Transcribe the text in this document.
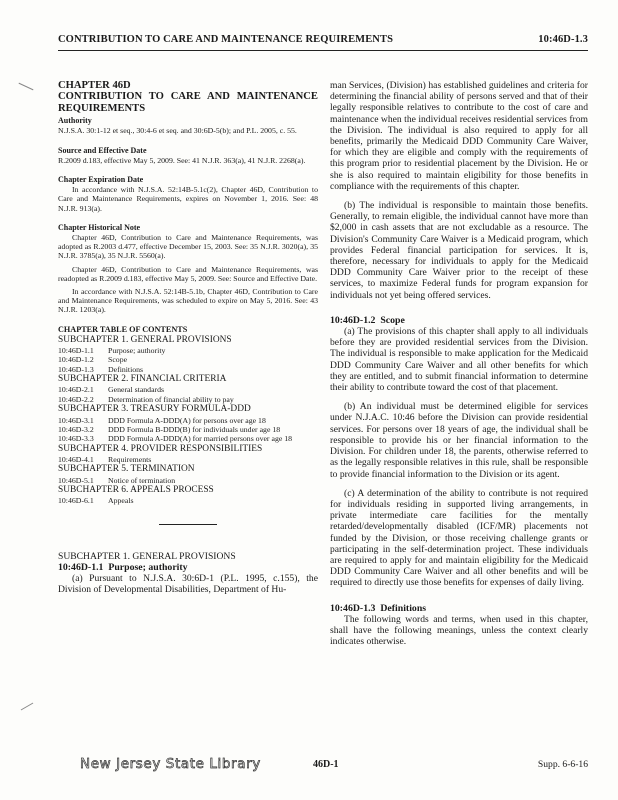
CONTRIBUTION TO CARE AND MAINTENANCE REQUIREMENTS	10:46D-1.3

CHAPTER 46D

CONTRIBUTION TO CARE AND MAINTENANCE REQUIREMENTS

Authority

N.J.S.A. 30:1-12 et seq., 30:4-6 et seq. and 30:6D-5(b); and P.L. 2005, c. 55.

Source and Effective Date

R.2009 d.183, effective May 5, 2009. See: 41 N.J.R. 363(a), 41 N.J.R. 2268(a).

Chapter Expiration Date

In accordance with N.J.S.A. 52:14B-5.1c(2), Chapter 46D, Contribution to Care and Maintenance Requirements, expires on November 1, 2016. See: 48 N.J.R. 913(a).

Chapter Historical Note

Chapter 46D, Contribution to Care and Maintenance Requirements, was adopted as R.2003 d.477, effective December 15, 2003. See: 35 N.J.R. 3020(a), 35 N.J.R. 3785(a), 35 N.J.R. 5560(a).

Chapter 46D, Contribution to Care and Maintenance Requirements, was readopted as R.2009 d.183, effective May 5, 2009. See: Source and Effective Date.

In accordance with N.J.S.A. 52:14B-5.1b, Chapter 46D, Contribution to Care and Maintenance Requirements, was scheduled to expire on May 5, 2016. See: 43 N.J.R. 1203(a).

CHAPTER TABLE OF CONTENTS

SUBCHAPTER 1. GENERAL PROVISIONS

10:46D-1.1	Purpose; authority
10:46D-1.2	Scope
10:46D-1.3	Definitions

SUBCHAPTER 2. FINANCIAL CRITERIA

10:46D-2.1	General standards
10:46D-2.2	Determination of financial ability to pay

SUBCHAPTER 3. TREASURY FORMULA-DDD

10:46D-3.1	DDD Formula A-DDD(A) for persons over age 18
10:46D-3.2	DDD Formula B-DDD(B) for individuals under age 18
10:46D-3.3	DDD Formula A-DDD(A) for married persons over age 18

SUBCHAPTER 4. PROVIDER RESPONSIBILITIES

10:46D-4.1	Requirements

SUBCHAPTER 5. TERMINATION

10:46D-5.1	Notice of termination

SUBCHAPTER 6. APPEALS PROCESS

10:46D-6.1	Appeals

SUBCHAPTER 1. GENERAL PROVISIONS

10:46D-1.1 Purpose; authority

(a) Pursuant to N.J.S.A. 30:6D-1 (P.L. 1995, c.155), the Division of Developmental Disabilities, Department of Hu-

man Services, (Division) has established guidelines and criteria for determining the financial ability of persons served and that of their legally responsible relatives to contribute to the cost of care and maintenance when the individual receives residential services from the Division. The individual is also required to apply for all benefits, primarily the Medicaid DDD Community Care Waiver, for which they are eligible and comply with the requirements of this program prior to residential placement by the Division. He or she is also required to maintain eligibility for those benefits in compliance with the requirements of this chapter.

(b) The individual is responsible to maintain those benefits. Generally, to remain eligible, the individual cannot have more than $2,000 in cash assets that are not excludable as a resource. The Division's Community Care Waiver is a Medicaid program, which provides Federal financial participation for services. It is, therefore, necessary for individuals to apply for the Medicaid DDD Community Care Waiver prior to the receipt of these services, to maximize Federal funds for program expansion for individuals not yet being offered services.

10:46D-1.2 Scope

(a) The provisions of this chapter shall apply to all individuals before they are provided residential services from the Division. The individual is responsible to make application for the Medicaid DDD Community Care Waiver and all other benefits for which they are entitled, and to submit financial information to determine their ability to contribute toward the cost of that placement.

(b) An individual must be determined eligible for services under N.J.A.C. 10:46 before the Division can provide residential services. For persons over 18 years of age, the individual shall be responsible to provide his or her financial information to the Division. For children under 18, the parents, otherwise referred to as the legally responsible relatives in this rule, shall be responsible to provide financial information to the Division or its agent.

(c) A determination of the ability to contribute is not required for individuals residing in supported living arrangements, in private intermediate care facilities for the mentally retarded/developmentally disabled (ICF/MR) placements not funded by the Division, or those receiving challenge grants or participating in the self-determination project. These individuals are required to apply for and maintain eligibility for the Medicaid DDD Community Care Waiver and all other benefits and will be required to directly use those benefits for expenses of daily living.

10:46D-1.3 Definitions

The following words and terms, when used in this chapter, shall have the following meanings, unless the context clearly indicates otherwise.

New Jersey State Library	46D-1	Supp. 6-6-16
